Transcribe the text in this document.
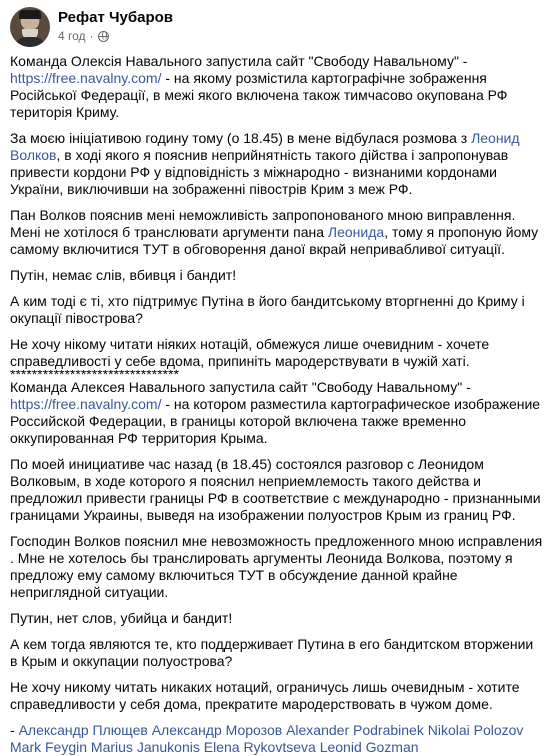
Рефат Чубаров
4 год ·

Команда Олексія Навального запустила сайт "Свободу Навальному" -
https://free.navalny.com/ - на якому розмістила картографічне зображення Російської Федерації, в межі якого включена також тимчасово окупована РФ територія Криму.

За моєю ініціативою годину тому (о 18.45) в мене відбулася розмова з Леонид Волков, в ході якого я пояснив неприйнятність такого дійства і запропонував привести кордони РФ у відповідність з міжнародно - визнаними кордонами України, виключивши на зображенні півострів Крим з меж РФ.

Пан Волков пояснив мені неможливість запропонованого мною виправлення. Мені не хотілося б транслювати аргументи пана Леонида, тому я пропоную йому самому включитися ТУТ в обговорення даної вкрай непривабливої ситуації.

Путін, немає слів, вбивця і бандит!

А ким тоді є ті, хто підтримує Путіна в його бандитському вторгненні до Криму і окупації півострова?

Не хочу нікому читати ніяких нотацій, обмежуся лише очевидним - хочете справедливості у себе вдома, припиніть мародерствувати в чужій хаті.

*******************************

Команда Алексея Навального запустила сайт "Свободу Навальному" -
https://free.navalny.com/ - на котором разместила картографическое изображение Российской Федерации, в границы которой включена также временно оккупированная РФ территория Крыма.

По моей инициативе час назад (в 18.45) состоялся разговор с Леонидом Волковым, в ходе которого я пояснил неприемлемость такого действа и предложил привести границы РФ в соответствие с международно - признанными границами Украины, выведя на изображении полуостров Крым из границ РФ.

Господин Волков пояснил мне невозможность предложенного мною исправления . Мне не хотелось бы транслировать аргументы Леонида Волкова, поэтому я предложу ему самому включиться ТУТ в обсуждение данной крайне неприглядной ситуации.

Путин, нет слов, убийца и бандит!

А кем тогда являются те, кто поддерживает Путина в его бандитском вторжении в Крым и оккупации полуострова?

Не хочу никому читать никаких нотаций, ограничусь лишь очевидным - хотите справедливости у себя дома, прекратите мародерствовать в чужом доме.

- Александр Плющев Александр Морозов Alexander Podrabinek Nikolai Polozov Mark Feygin Marius Janukonis Elena Rykovtseva Leonid Gozman
